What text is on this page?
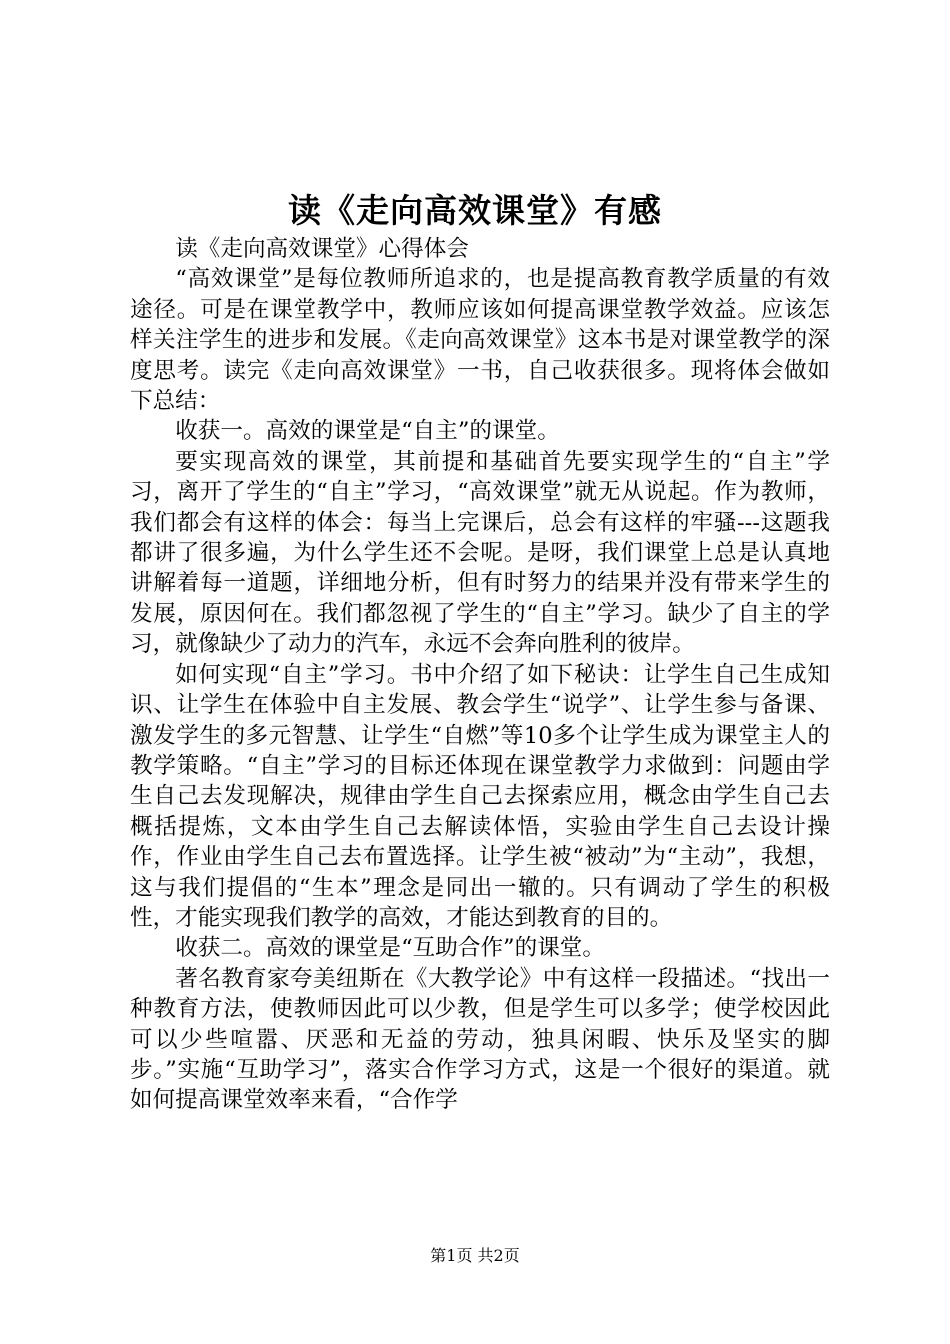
读《走向高效课堂》有感

读《走向高效课堂》心得体会

“高效课堂”是每位教师所追求的，也是提高教育教学质量的有效途径。可是在课堂教学中，教师应该如何提高课堂教学效益。应该怎样关注学生的进步和发展。《走向高效课堂》这本书是对课堂教学的深度思考。读完《走向高效课堂》一书，自己收获很多。现将体会做如下总结：

收获一。高效的课堂是“自主”的课堂。

要实现高效的课堂，其前提和基础首先要实现学生的“自主”学习，离开了学生的“自主”学习，“高效课堂”就无从说起。作为教师，我们都会有这样的体会：每当上完课后，总会有这样的牢骚---这题我都讲了很多遍，为什么学生还不会呢。是呀，我们课堂上总是认真地讲解着每一道题，详细地分析，但有时努力的结果并没有带来学生的发展，原因何在。我们都忽视了学生的“自主”学习。缺少了自主的学习，就像缺少了动力的汽车，永远不会奔向胜利的彼岸。

如何实现“自主”学习。书中介绍了如下秘诀：让学生自己生成知识、让学生在体验中自主发展、教会学生“说学”、让学生参与备课、激发学生的多元智慧、让学生“自燃”等10多个让学生成为课堂主人的教学策略。“自主”学习的目标还体现在课堂教学力求做到：问题由学生自己去发现解决，规律由学生自己去探索应用，概念由学生自己去概括提炼，文本由学生自己去解读体悟，实验由学生自己去设计操作，作业由学生自己去布置选择。让学生被“被动”为“主动”，我想，这与我们提倡的“生本”理念是同出一辙的。只有调动了学生的积极性，才能实现我们教学的高效，才能达到教育的目的。

收获二。高效的课堂是“互助合作”的课堂。

著名教育家夸美纽斯在《大教学论》中有这样一段描述。“找出一种教育方法，使教师因此可以少教，但是学生可以多学；使学校因此可以少些喧嚣、厌恶和无益的劳动，独具闲暇、快乐及坚实的脚步。”实施“互助学习”，落实合作学习方式，这是一个很好的渠道。就如何提高课堂效率来看，“合作学

第1页 共2页
